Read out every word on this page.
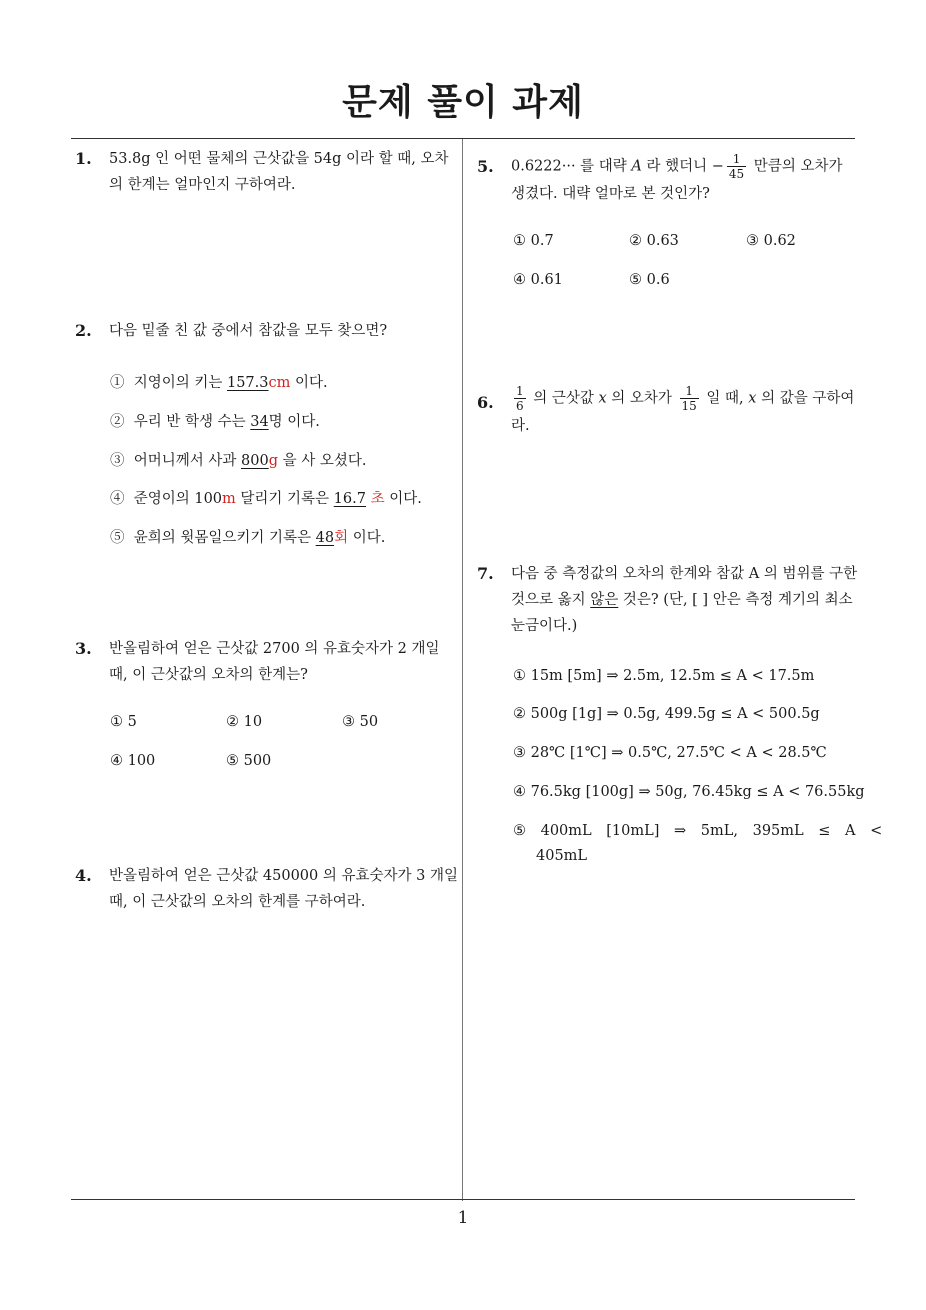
문제 풀이 과제
1. 53.8g 인 어떤 물체의 근삿값을 54g 이라 할 때, 오차의 한계는 얼마인지 구하여라.
2. 다음 밑줄 친 값 중에서 참값을 모두 찾으면?
① 지영이의 키는 157.3cm 이다.
② 우리 반 학생 수는 34명 이다.
③ 어머니께서 사과 800g 을 사 오셨다.
④ 준영이의 100m 달리기 기록은 16.7 초 이다.
⑤ 윤희의 윗몸일으키기 기록은 48회 이다.
3. 반올림하여 얻은 근삿값 2700 의 유효숫자가 2 개일 때, 이 근삿값의 오차의 한계는?
① 5	② 10	③ 50
④ 100	⑤ 500
4. 반올림하여 얻은 근삿값 450000 의 유효숫자가 3 개일 때, 이 근삿값의 오차의 한계를 구하여라.
5. 0.6222··· 를 대략 A 라 했더니 − $\frac{1}{45}$ 만큼의 오차가 생겼다. 대략 얼마로 본 것인가?
① 0.7	② 0.63	③ 0.62
④ 0.61	⑤ 0.6
6. $\frac{1}{6}$ 의 근삿값 x 의 오차가 $\frac{1}{15}$ 일 때, x 의 값을 구하여라.
7. 다음 중 측정값의 오차의 한계와 참값 A 의 범위를 구한 것으로 옳지 않은 것은? (단, [ ] 안은 측정 계기의 최소 눈금이다.)
① 15m [5m] ⇒ 2.5m, 12.5m ≤ A < 17.5m
② 500g [1g] ⇒ 0.5g, 499.5g ≤ A < 500.5g
③ 28℃ [1℃] ⇒ 0.5℃, 27.5℃ < A < 28.5℃
④ 76.5kg [100g] ⇒ 50g, 76.45kg ≤ A < 76.55kg
⑤ 400mL [10mL] ⇒ 5mL, 395mL ≤ A <
405mL
1
